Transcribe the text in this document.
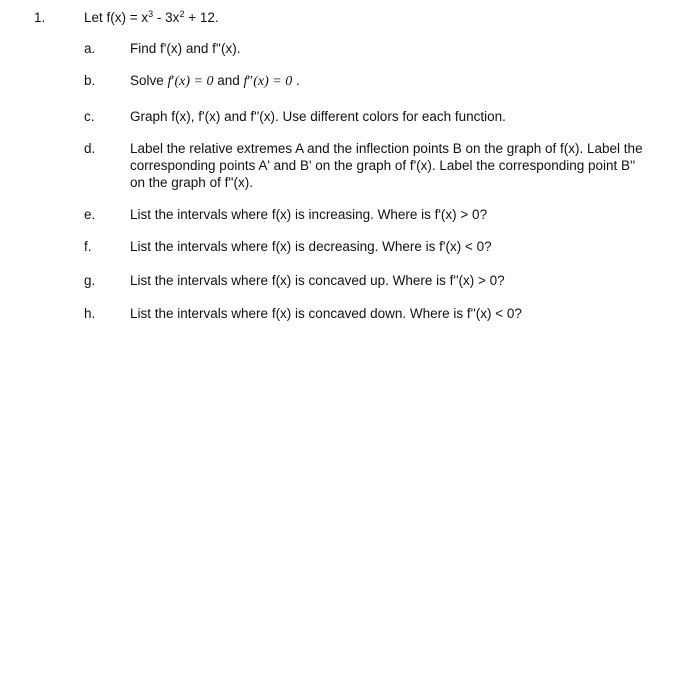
1.	Let $f(x) = x^3 - 3x^2 + 12$.
a.	Find f'(x) and f''(x).
b.	Solve f′(x) = 0 and f″(x) = 0 .
c.	Graph f(x), f'(x) and f''(x). Use different colors for each function.
d.	Label the relative extremes A and the inflection points B on the graph of f(x). Label the corresponding points A' and B' on the graph of f'(x). Label the corresponding point B'' on the graph of f''(x).
e.	List the intervals where f(x) is increasing. Where is f'(x) > 0?
f.	List the intervals where f(x) is decreasing. Where is f'(x) < 0?
g.	List the intervals where f(x) is concaved up. Where is f''(x) > 0?
h.	List the intervals where f(x) is concaved down. Where is f''(x) < 0?
